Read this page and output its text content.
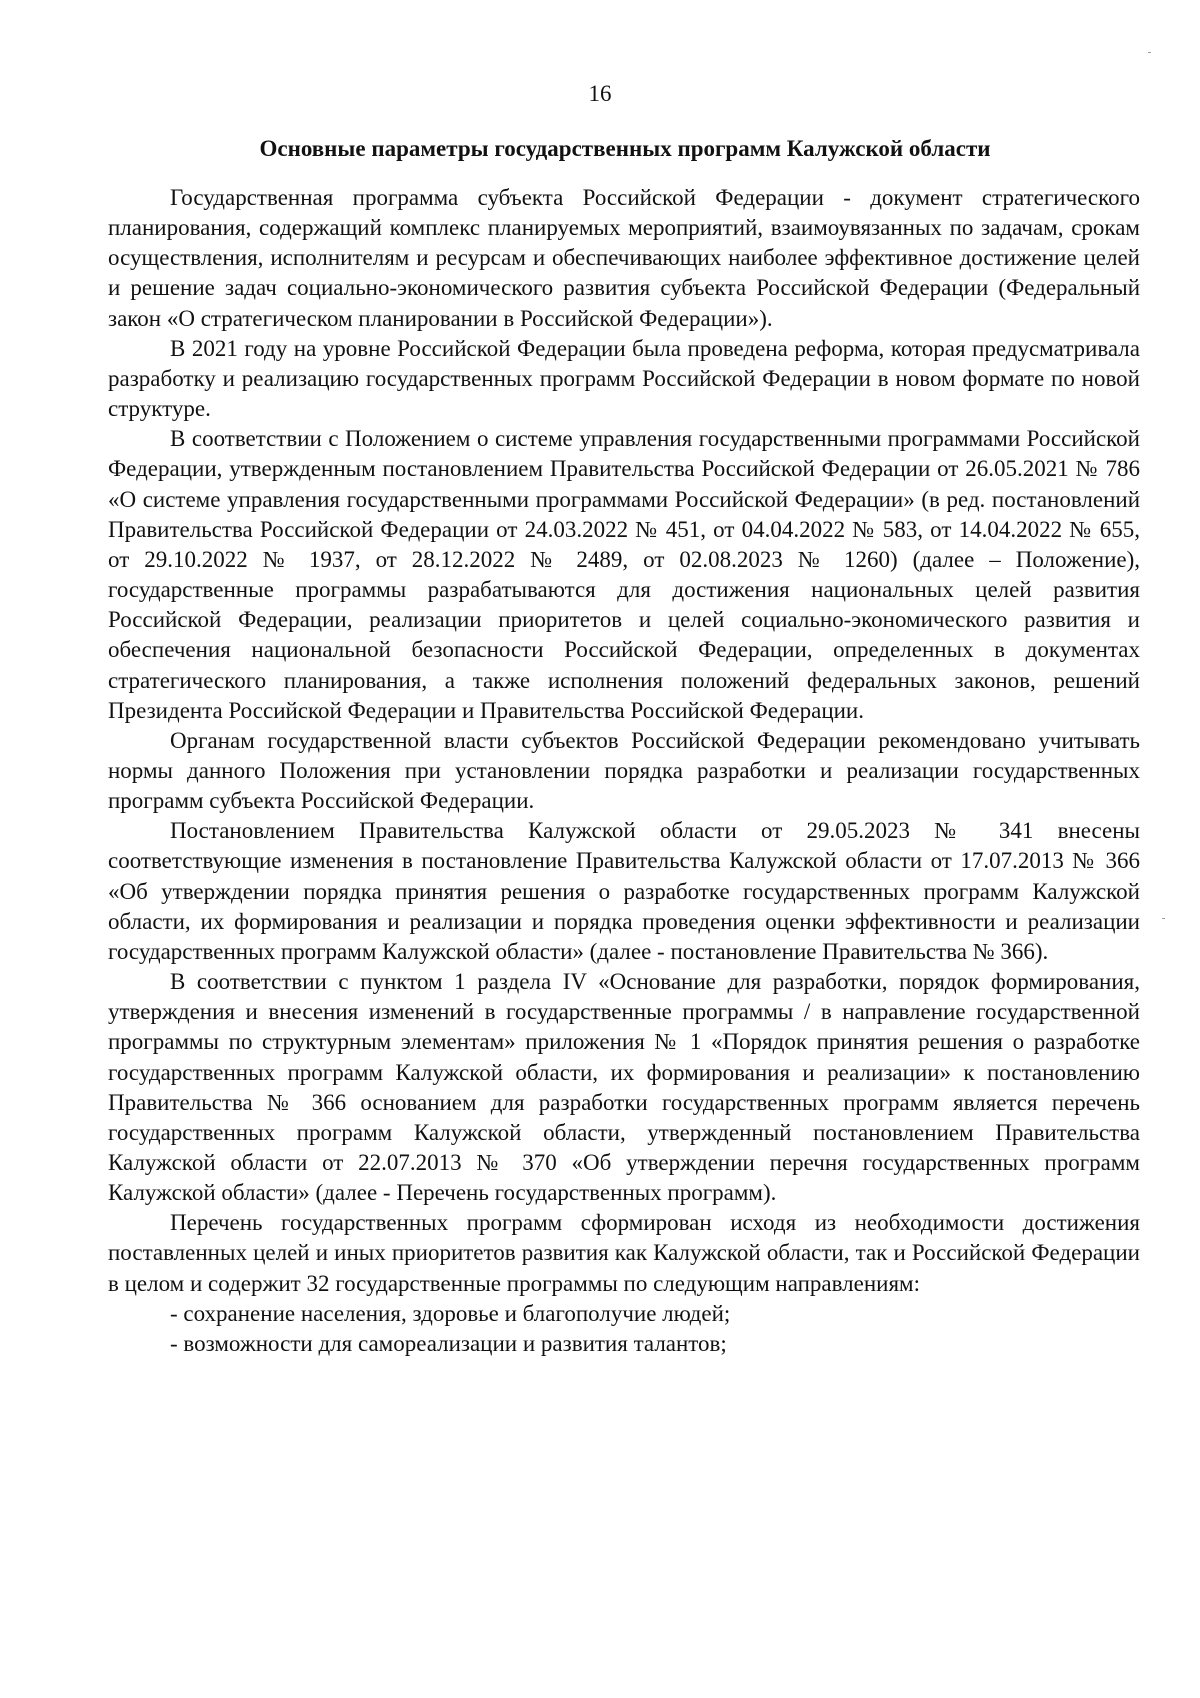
16
Основные параметры государственных программ Калужской области

Государственная программа субъекта Российской Федерации - документ стратегического планирования, содержащий комплекс планируемых мероприятий, взаимоувязанных по задачам, срокам осуществления, исполнителям и ресурсам и обеспечивающих наиболее эффективное достижение целей и решение задач социально-экономического развития субъекта Российской Федерации (Федеральный закон «О стратегическом планировании в Российской Федерации»).

В 2021 году на уровне Российской Федерации была проведена реформа, которая предусматривала разработку и реализацию государственных программ Российской Федерации в новом формате по новой структуре.

В соответствии с Положением о системе управления государственными программами Российской Федерации, утвержденным постановлением Правительства Российской Федерации от 26.05.2021 № 786 «О системе управления государственными программами Российской Федерации» (в ред. постановлений Правительства Российской Федерации от 24.03.2022 № 451, от 04.04.2022 № 583, от 14.04.2022 № 655, от 29.10.2022 № 1937, от 28.12.2022 № 2489, от 02.08.2023 № 1260) (далее – Положение), государственные программы разрабатываются для достижения национальных целей развития Российской Федерации, реализации приоритетов и целей социально-экономического развития и обеспечения национальной безопасности Российской Федерации, определенных в документах стратегического планирования, а также исполнения положений федеральных законов, решений Президента Российской Федерации и Правительства Российской Федерации.

Органам государственной власти субъектов Российской Федерации рекомендовано учитывать нормы данного Положения при установлении порядка разработки и реализации государственных программ субъекта Российской Федерации.

Постановлением Правительства Калужской области от 29.05.2023 № 341 внесены соответствующие изменения в постановление Правительства Калужской области от 17.07.2013 № 366 «Об утверждении порядка принятия решения о разработке государственных программ Калужской области, их формирования и реализации и порядка проведения оценки эффективности и реализации государственных программ Калужской области» (далее - постановление Правительства № 366).

В соответствии с пунктом 1 раздела IV «Основание для разработки, порядок формирования, утверждения и внесения изменений в государственные программы / в направление государственной программы по структурным элементам» приложения № 1 «Порядок принятия решения о разработке государственных программ Калужской области, их формирования и реализации» к постановлению Правительства № 366 основанием для разработки государственных программ является перечень государственных программ Калужской области, утвержденный постановлением Правительства Калужской области от 22.07.2013 № 370 «Об утверждении перечня государственных программ Калужской области» (далее - Перечень государственных программ).

Перечень государственных программ сформирован исходя из необходимости достижения поставленных целей и иных приоритетов развития как Калужской области, так и Российской Федерации в целом и содержит 32 государственные программы по следующим направлениям:

- сохранение населения, здоровье и благополучие людей;
- возможности для самореализации и развития талантов;
